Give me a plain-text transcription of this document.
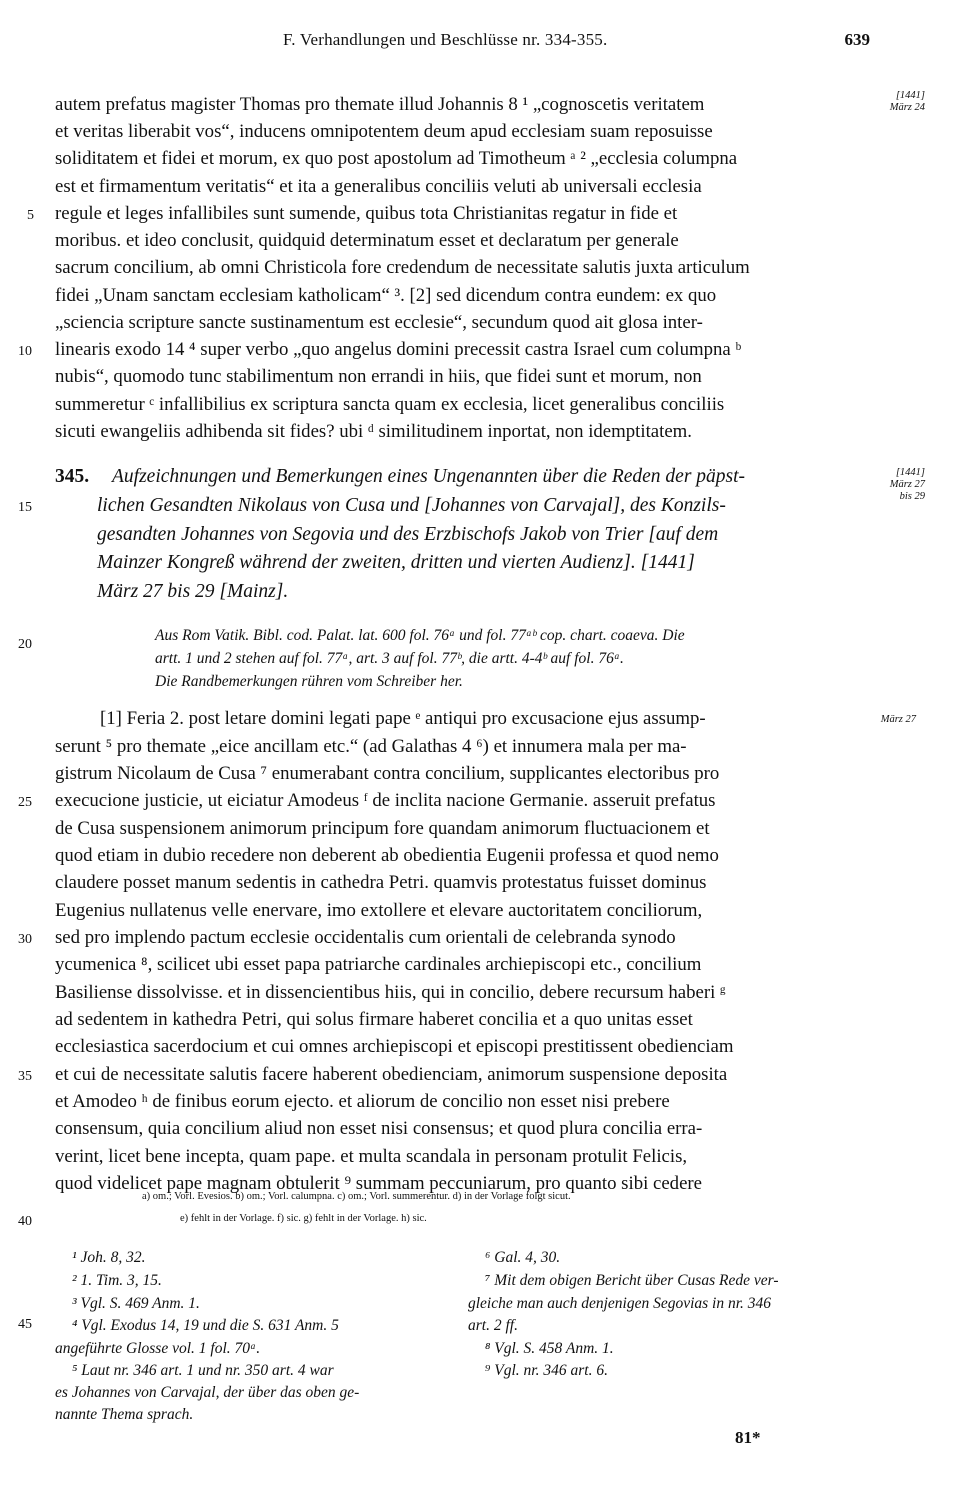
F. Verhandlungen und Beschlüsse nr. 334-355.	639
autem prefatus magister Thomas pro themate illud Johannis 8 ¹ „cognoscetis veritatem
et veritas liberabit vos“, inducens omnipotentem deum apud ecclesiam suam reposuisse
soliditatem et fidei et morum, ex quo post apostolum ad Timotheum ᵃ ² „ecclesia columpna
est et firmamentum veritatis“ et ita a generalibus conciliis veluti ab universali ecclesia
regule et leges infallibiles sunt sumende, quibus tota Christianitas regatur in fide et
moribus. et ideo conclusit, quidquid determinatum esset et declaratum per generale
sacrum concilium, ab omni Christicola fore credendum de necessitate salutis juxta articulum
fidei „Unam sanctam ecclesiam katholicam“ ³. [2] sed dicendum contra eundem: ex quo
„sciencia scripture sancte sustinamentum est ecclesie“, secundum quod ait glosa inter-
linearis exodo 14 ⁴ super verbo „quo angelus domini precessit castra Israel cum columpna ᵇ
nubis“, quomodo tunc stabilimentum non errandi in hiis, que fidei sunt et morum, non
summeretur ᶜ infallibilius ex scriptura sancta quam ex ecclesia, licet generalibus conciliis
sicuti ewangeliis adhibenda sit fides? ubi ᵈ similitudinem inportat, non idemptitatem.
345. Aufzeichnungen und Bemerkungen eines Ungenannten über die Reden der päpst-
lichen Gesandten Nikolaus von Cusa und [Johannes von Carvajal], des Konzils-
gesandten Johannes von Segovia und des Erzbischofs Jakob von Trier [auf dem
Mainzer Kongreß während der zweiten, dritten und vierten Audienz]. [1441]
März 27 bis 29 [Mainz].
Aus Rom Vatik. Bibl. cod. Palat. lat. 600 fol. 76ᵃ und fol. 77ᵃᵇ cop. chart. coaeva. Die
artt. 1 und 2 stehen auf fol. 77ᵃ, art. 3 auf fol. 77ᵇ, die artt. 4-4ᵇ auf fol. 76ᵃ.
Die Randbemerkungen rühren vom Schreiber her.
[1] Feria 2. post letare domini legati pape ᵉ antiqui pro excusacione ejus assump-
serunt ⁵ pro themate „eice ancillam etc.“ (ad Galathas 4 ⁶) et innumera mala per ma-
gistrum Nicolaum de Cusa ⁷ enumerabant contra concilium, supplicantes electoribus pro
execucione justicie, ut eiciatur Amodeus ᶠ de inclita nacione Germanie. asseruit prefatus
de Cusa suspensionem animorum principum fore quandam animorum fluctuacionem et
quod etiam in dubio recedere non deberent ab obedientia Eugenii professa et quod nemo
claudere posset manum sedentis in cathedra Petri. quamvis protestatus fuisset dominus
Eugenius nullatenus velle enervare, imo extollere et elevare auctoritatem conciliorum,
sed pro implendo pactum ecclesie occidentalis cum orientali de celebranda synodo
ycumenica ⁸, scilicet ubi esset papa patriarche cardinales archiepiscopi etc., concilium
Basiliense dissolvisse. et in dissencientibus hiis, qui in concilio, debere recursum haberi ᵍ
ad sedentem in kathedra Petri, qui solus firmare haberet concilia et a quo unitas esset
ecclesiastica sacerdocium et cui omnes archiepiscopi et episcopi prestitissent obedienciam
et cui de necessitate salutis facere haberent obedienciam, animorum suspensione deposita
et Amodeo ʰ de finibus eorum ejecto. et aliorum de concilio non esset nisi prebere
consensum, quia concilium aliud non esset nisi consensus; et quod plura concilia erra-
verint, licet bene incepta, quam pape. et multa scandala in personam protulit Felicis,
quod videlicet pape magnam obtulerit ⁹ summam peccuniarum, pro quanto sibi cedere
5
10
15
20
25
30
35
40
45
[1441]
März 24
[1441]
März 27
bis 29
März 27
a) om.; Vorl. Evesios. b) om.; Vorl. calumpna. c) om.; Vorl. summerentur. d) in der Vorlage folgt sicut.
e) fehlt in der Vorlage. f) sic. g) fehlt in der Vorlage. h) sic.
¹ Joh. 8, 32.
² 1. Tim. 3, 15.
³ Vgl. S. 469 Anm. 1.
⁴ Vgl. Exodus 14, 19 und die S. 631 Anm. 5
angeführte Glosse vol. 1 fol. 70ᵃ.
⁵ Laut nr. 346 art. 1 und nr. 350 art. 4 war
es Johannes von Carvajal, der über das oben ge-
nannte Thema sprach.
⁶ Gal. 4, 30.
⁷ Mit dem obigen Bericht über Cusas Rede ver-
gleiche man auch denjenigen Segovias in nr. 346
art. 2 ff.
⁸ Vgl. S. 458 Anm. 1.
⁹ Vgl. nr. 346 art. 6.
81*
